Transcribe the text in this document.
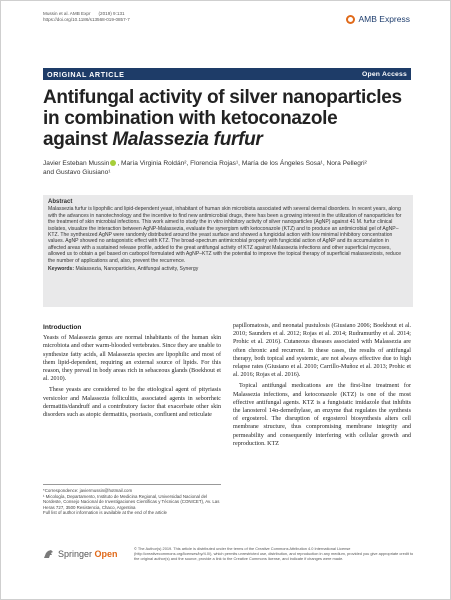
Mussin et al. AMB Expr (2019) 9:131
https://doi.org/10.1186/s13568-019-0857-7	AMB Express
ORIGINAL ARTICLE	Open Access
Antifungal activity of silver nanoparticles
in combination with ketoconazole
against Malassezia furfur
Javier Esteban Mussin , María Virginia Roldán², Florencia Rojas¹, María de los Ángeles Sosa¹, Nora Pellegri²
and Gustavo Giusiano¹
Abstract
Malassezia furfur is lipophilic and lipid-dependent yeast, inhabitant of human skin microbiota associated with several dermal disorders. In recent years, along with the advances in nanotechnology and the incentive to find new antimicrobial drugs, there has been a growing interest in the utilization of nanoparticles for the treatment of skin microbial infections. This work aimed to study the in vitro inhibitory activity of silver nanoparticles (AgNP) against 41 M. furfur clinical isolates, visualize the interaction between AgNP-Malassezia, evaluate the synergism with ketoconazole (KTZ) and to produce an antimicrobial gel of AgNP–KTZ. The synthesized AgNP were randomly distributed around the yeast surface and showed a fungicidal action with low minimal inhibitory concentration values. AgNP showed no antagonistic effect with KTZ. The broad-spectrum antimicrobial property with fungicidal action of AgNP and its accumulation in affected areas with a sustained release profile, added to the great antifungal activity of KTZ against Malassezia infections and other superficial mycoses, allowed us to obtain a gel based on carbopol formulated with AgNP–KTZ with the potential to improve the topical therapy of superficial malasseziosis, reduce the number of applications and, also, prevent the recurrence.
Keywords: Malassezia, Nanoparticles, Antifungal activity, Synergy
Introduction

Yeasts of Malassezia genus are normal inhabitants of the human skin microbiota and other warm-blooded vertebrates. Since they are unable to synthesize fatty acids, all Malassezia species are lipophilic and most of them lipid-dependent, requiring an external source of lipids. For this reason, they prevail in body areas rich in sebaceous glands (Boekhout et al. 2010).

These yeasts are considered to be the etiological agent of pityriasis versicolor and Malassezia folliculitis, associated agents in seborrheic dermatitis/dandruff and a contributory factor that exacerbate other skin disorders such as atopic dermatitis, psoriasis, confluent and reticulate

papillomatosis, and neonatal pustulosis (Giusiano 2006; Boekhout et al. 2010; Saunders et al. 2012; Rojas et al. 2014; Rudramurthy et al. 2014; Prohic et al. 2016). Cutaneous diseases associated with Malassezia are often chronic and recurrent. In these cases, the results of antifungal therapy, both topical and systemic, are not always effective due to high relapse rates (Giusiano et al. 2010; Carrillo-Muñoz et al. 2013; Prohic et al. 2016; Rojas et al. 2016).

Topical antifungal medications are the first-line treatment for Malassezia infections, and ketoconazole (KTZ) is one of the most effective antifungal agents. KTZ is a fungistatic imidazole that inhibits the lanosterol 14α-demethylase, an enzyme that regulates the synthesis of ergosterol. The disruption of ergosterol biosynthesis alters cell membrane structure, thus compromising membrane integrity and permeability and consequently interfering with cellular growth and reproduction. KTZ

*Correspondence: javiermussin@hotmail.com
¹ Micología, Departamento, Instituto de Medicina Regional, Universidad Nacional del Nordeste, Consejo Nacional de Investigaciones Científicas y Técnicas (CONICET), Av. Las Heras 727, 3500 Resistencia, Chaco, Argentina
Full list of author information is available at the end of the article
Springer Open
© The Author(s) 2019. This article is distributed under the terms of the Creative Commons Attribution 4.0 International License (http://creativecommons.org/licenses/by/4.0/), which permits unrestricted use, distribution, and reproduction in any medium, provided you give appropriate credit to the original author(s) and the source, provide a link to the Creative Commons license, and indicate if changes were made.
